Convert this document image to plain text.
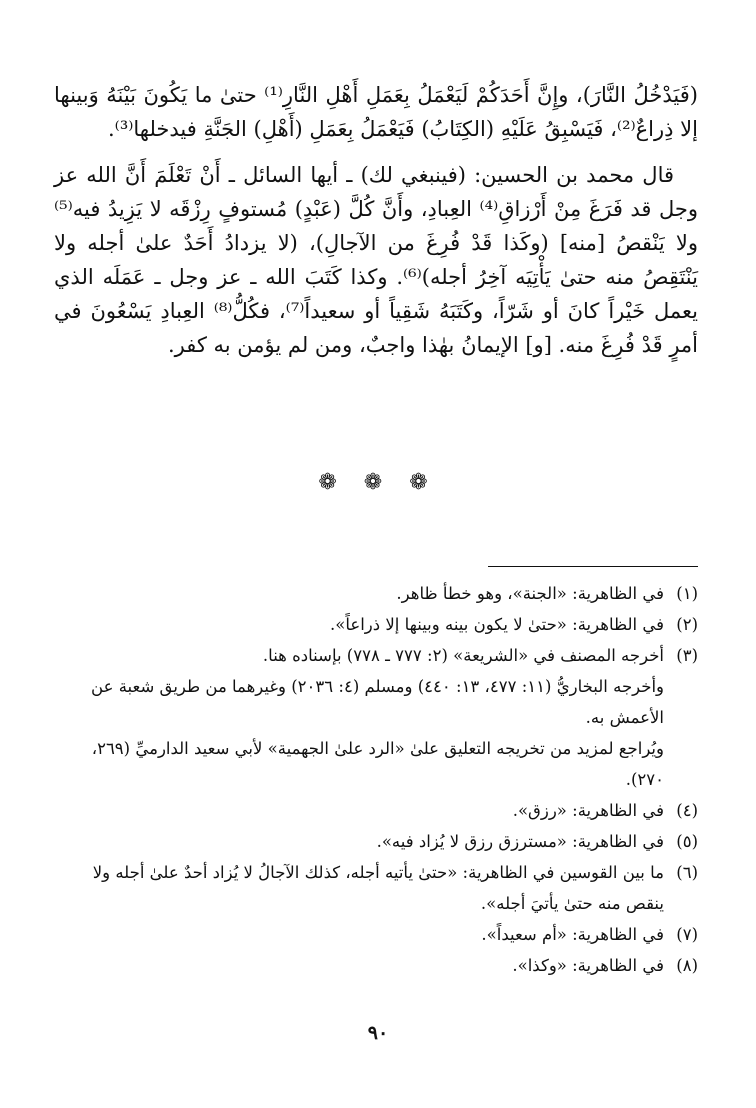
(فَيَدْخُلُ النَّارَ)، وإِنَّ أَحَدَكُمْ لَيَعْمَلُ بِعَمَلِ أَهْلِ النَّارِ⁽¹⁾ حتىٰ ما يَكُونَ بَيْنَهُ وَبينها إلا ذِراعٌ⁽²⁾، فَيَسْبِقُ عَلَيْهِ (الكِتَابُ) فَيَعْمَلُ بِعَمَلِ (أَهْلِ) الجَنَّةِ فيدخلها⁽³⁾.

قال محمد بن الحسين: (فينبغي لك) ـ أيها السائل ـ أَنْ تَعْلَمَ أَنَّ الله عز وجل قد فَرَغَ مِنْ أَرْزاقِ⁽⁴⁾ العِبادِ، وأَنَّ كُلَّ (عَبْدٍ) مُستوفٍ رِزْقَه لا يَزِيدُ فيه⁽⁵⁾ ولا يَنْقصُ [منه] (وكَذا قَدْ فُرِغَ من الآجالِ)، (لا يزدادُ أَحَدٌ علىٰ أجله ولا يَنْتَقِصُ منه حتىٰ يَأْتِيَه آخِرُ أجله)⁽⁶⁾. وكذا كَتَبَ الله ـ عز وجل ـ عَمَلَه الذي يعمل خَيْراً كانَ أو شَرّاً، وكَتَبَهُ شَقِياً أو سعيداً⁽⁷⁾، فكُلُّ⁽⁸⁾ العِبادِ يَسْعُونَ في أمرٍ قَدْ فُرِغَ منه. [و] الإيمانُ بهٰذا واجبٌ، ومن لم يؤمن به كفر.

❁ ❁ ❁
(١)
في الظاهرية: «الجنة»، وهو خطأ ظاهر.
(٢)
في الظاهرية: «حتىٰ لا يكون بينه وبينها إلا ذراعاً».
(٣)
أخرجه المصنف في «الشريعة» (٢: ٧٧٧ ـ ٧٧٨) بإسناده هنا.
وأخرجه البخاريُّ (١١: ٤٧٧، ١٣: ٤٤٠) ومسلم (٤: ٢٠٣٦) وغيرهما من طريق شعبة عن الأعمش به.
ويُراجع لمزيد من تخريجه التعليق علىٰ «الرد علىٰ الجهمية» لأبي سعيد الدارميِّ (٢٦٩، ٢٧٠).
(٤)
في الظاهرية: «رزق».
(٥)
في الظاهرية: «مسترزق رزق لا يُزاد فيه».
(٦)
ما بين القوسين في الظاهرية: «حتىٰ يأتيه أجله، كذلك الآجالُ لا يُزاد أحدٌ علىٰ أجله ولا ينقص منه حتىٰ يأتيَ أجله».
(٧)
في الظاهرية: «أم سعيداً».
(٨)
في الظاهرية: «وكذا».
٩٠
